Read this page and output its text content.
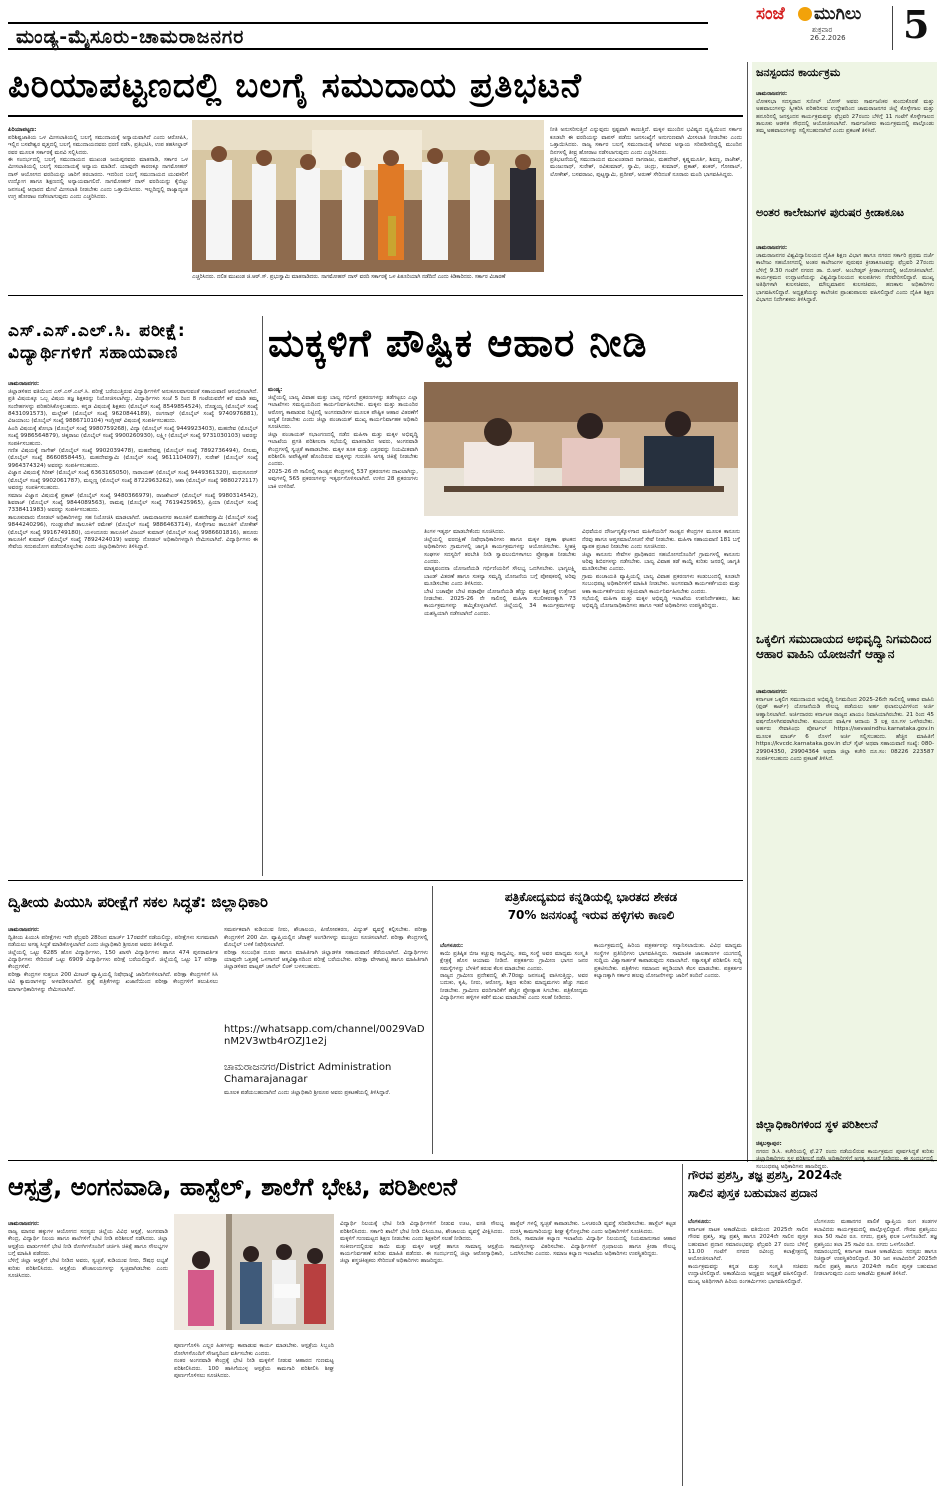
ಮಂಡ್ಯ-ಮೈಸೂರು-ಚಾಮರಾಜನಗರ
ಸಂಜೆ ಮುಗಿಲು
ಶುಕ್ರವಾರ
26.2.2026 5
ಪಿರಿಯಾಪಟ್ಟಣದಲ್ಲಿ ಬಲಗೈ ಸಮುದಾಯ ಪ್ರತಿಭಟನೆ

ಪಿರಿಯಾಪಟ್ಟಣ:
ಪರಿಶಿಷ್ಟಜಾತಿಯ ಒಳ ಮೀಸಲಾತಿಯಲ್ಲಿ ಬಲಗೈ ಸಮುದಾಯಕ್ಕೆ ಅನ್ಯಾಯವಾಗಿದೆ ಎಂದು ಆರೋಪಿಸಿ, ಇಲ್ಲಿನ ಬಸವೇಶ್ವರ ವೃತ್ತದಲ್ಲಿ ಬಲಗೈ ಸಮುದಾಯದವರು ಧರಣಿ ನಡೆಸಿ, ಪ್ರತಿಭಟಿಸಿ, ಉಪ ತಹಸೀಲ್ದಾರ್ ರವರ ಮೂಲಕ ಸರ್ಕಾರಕ್ಕೆ ಮನವಿ ಸಲ್ಲಿಸಿದರು.
ಈ ಸಂದರ್ಭದಲ್ಲಿ ಬಲಗೈ ಸಮುದಾಯದ ಮುಖಂಡ ಜಯಪ್ಪನವರು ಮಾತನಾಡಿ, ಸರ್ಕಾರ ಒಳ ಮೀಸಲಾತಿಯಲ್ಲಿ ಬಲಗೈ ಸಮುದಾಯಕ್ಕೆ ಅನ್ಯಾಯ ಮಾಡಿದೆ. ಯಾವುದೇ ಕಾರಣಕ್ಕೂ ನಾಗಮೋಹನ್ ದಾಸ್ ಆಯೋಗದ ವರದಿಯನ್ನು ಜಾರಿಗೆ ತರಬಾರದು. ಇದರಿಂದ ಬಲಗೈ ಸಮುದಾಯದ ಯುವಕರಿಗೆ ಉದ್ಯೋಗ ಹಾಗೂ ಶಿಕ್ಷಣದಲ್ಲಿ ಅನ್ಯಾಯವಾಗಲಿದೆ. ನಾಗಮೋಹನ್ ದಾಸ್ ವರದಿಯನ್ನು ಕೈಬಿಟ್ಟು ಜನಸಂಖ್ಯೆ ಆಧಾರದ ಮೇಲೆ ಮೀಸಲಾತಿ ನೀಡಬೇಕು ಎಂದು ಒತ್ತಾಯಿಸಿದರು. ಇಲ್ಲದಿದ್ದಲ್ಲಿ ರಾಜ್ಯಾದ್ಯಂತ ಉಗ್ರ ಹೋರಾಟ ನಡೆಸಲಾಗುವುದು ಎಂದು ಎಚ್ಚರಿಸಿದರು.

ಎಚ್ಚರಿಸಿದರು. ದಲಿತ ಮುಖಂಡ ಜಿ.ಆರ್.ಸ್. ಪ್ರಭುಸ್ವಾಮಿ ಮಾತನಾಡಿದರು. ನಾಗಮೋಹನ್ ದಾಸ್ ವರದಿ ಸರ್ಕಾರಕ್ಕೆ ಒಳ ಪಿತೂರಿಯಾಗಿ ನಡೆದಿದೆ ಎಂದು ಕಿಡಿಕಾರಿದರು. ಸರ್ಕಾರ ವಿಚಾರಣೆ

ನೀತಿ ಅನುಸರಿಸುತ್ತಿದೆ ಎನ್ನುವುದು ಸ್ಪಷ್ಟವಾಗಿ ಕಾಣುತ್ತಿದೆ. ಮಕ್ಕಳ ಮುಂದಿನ ಭವಿಷ್ಯದ ದೃಷ್ಟಿಯಿಂದ ಸರ್ಕಾರ ಕೂಡಲೇ ಈ ವರದಿಯನ್ನು ವಾಪಸ್ ಪಡೆದು ಜನಸಂಖ್ಯೆಗೆ ಅನುಗುಣವಾಗಿ ಮೀಸಲಾತಿ ನೀಡಬೇಕು ಎಂದು ಒತ್ತಾಯಿಸಿದರು. ರಾಜ್ಯ ಸರ್ಕಾರ ಬಲಗೈ ಸಮುದಾಯಕ್ಕೆ ಆಗಿರುವ ಅನ್ಯಾಯ ಸರಿಪಡಿಸದಿದ್ದಲ್ಲಿ ಮುಂದಿನ ದಿನಗಳಲ್ಲಿ ತೀವ್ರ ಹೋರಾಟ ನಡೆಸಲಾಗುವುದು ಎಂದು ಎಚ್ಚರಿಸಿದರು.
ಪ್ರತಿಭಟನೆಯಲ್ಲಿ ಸಮುದಾಯದ ಮುಖಂಡರಾದ ನಾಗರಾಜು, ಮಹದೇವ್, ಕೃಷ್ಣಮೂರ್ತಿ, ಶಿವಣ್ಣ, ರಾಜೇಶ್, ಮಂಜುನಾಥ್, ಸುರೇಶ್, ರವಿಕುಮಾರ್, ಸ್ವಾಮಿ, ಚಂದ್ರು, ಕುಮಾರ್, ಪ್ರಕಾಶ್, ಶಂಕರ್, ಗೋಪಾಲ್, ಲೋಕೇಶ್, ಬಸವರಾಜು, ಪುಟ್ಟಸ್ವಾಮಿ, ಪ್ರದೀಪ್, ಅರುಣ್ ಸೇರಿದಂತೆ ನೂರಾರು ಮಂದಿ ಭಾಗವಹಿಸಿದ್ದರು.

ಎಸ್.ಎಸ್.ಎಲ್.ಸಿ. ಪರೀಕ್ಷೆ:
ವಿದ್ಯಾರ್ಥಿಗಳಿಗೆ ಸಹಾಯವಾಣಿ

ಚಾಮರಾಜನಗರ:
ಜಿಲ್ಲಾಡಳಿತದ ವತಿಯಿಂದ ಎಸ್.ಎಸ್.ಎಲ್.ಸಿ. ಪರೀಕ್ಷೆ ಬರೆಯುತ್ತಿರುವ ವಿದ್ಯಾರ್ಥಿಗಳಿಗೆ ಅನುಕೂಲವಾಗುವಂತೆ ಸಹಾಯವಾಣಿ ಆರಂಭಿಸಲಾಗಿದೆ. ಪ್ರತಿ ವಿಷಯಕ್ಕೂ ಒಬ್ಬ ವಿಷಯ ತಜ್ಞ ಶಿಕ್ಷಕರನ್ನು ನಿಯೋಜಿಸಲಾಗಿದ್ದು, ವಿದ್ಯಾರ್ಥಿಗಳು ಸಂಜೆ 5 ರಿಂದ 8 ಗಂಟೆಯವರೆಗೆ ಕರೆ ಮಾಡಿ ತಮ್ಮ ಸಂದೇಹಗಳನ್ನು ಪರಿಹರಿಸಿಕೊಳ್ಳಬಹುದು. ಕನ್ನಡ ವಿಷಯಕ್ಕೆ ಶಿಕ್ಷಕರು (ಮೊಬೈಲ್ ಸಂಖ್ಯೆ 8549854524), ದೊಡ್ಡಯ್ಯ (ಮೊಬೈಲ್ ಸಂಖ್ಯೆ 8431091573), ಮಲ್ಲೇಶ್ (ಮೊಬೈಲ್ ಸಂಖ್ಯೆ 9620844189), ರಂಗನಾಥ್ (ಮೊಬೈಲ್ ಸಂಖ್ಯೆ 9740976881), ವಿಜಯಾಂಬ (ಮೊಬೈಲ್ ಸಂಖ್ಯೆ 9886710104) ಇಂಗ್ಲೀಷ್ ವಿಷಯಕ್ಕೆ ಸಂಪರ್ಕಿಸಬಹುದು.
ಹಿಂದಿ ವಿಷಯಕ್ಕೆ ಶೋಭಾ (ಮೊಬೈಲ್ ಸಂಖ್ಯೆ 9980759268), ವಿದ್ಯಾ (ಮೊಬೈಲ್ ಸಂಖ್ಯೆ 9449923403), ಮಹದೇವ (ಮೊಬೈಲ್ ಸಂಖ್ಯೆ 9986564879), ಚಿಕ್ಕರಾಜು (ಮೊಬೈಲ್ ಸಂಖ್ಯೆ 9900260930), ಲಕ್ಷ್ಮೀ (ಮೊಬೈಲ್ ಸಂಖ್ಯೆ 9731030103) ಅವರನ್ನು ಸಂಪರ್ಕಿಸಬಹುದು.
ಗಣಿತ ವಿಷಯಕ್ಕೆ ನಾಗೇಶ್ (ಮೊಬೈಲ್ ಸಂಖ್ಯೆ 9902039478), ಮಹದೇವಪ್ಪ (ಮೊಬೈಲ್ ಸಂಖ್ಯೆ 7892736494), ಲೀಲಮ್ಮ (ಮೊಬೈಲ್ ಸಂಖ್ಯೆ 8660858445), ಮಹದೇವಸ್ವಾಮಿ (ಮೊಬೈಲ್ ಸಂಖ್ಯೆ 9611104097), ಸುರೇಶ್ (ಮೊಬೈಲ್ ಸಂಖ್ಯೆ 9964374324) ಅವರನ್ನು ಸಂಪರ್ಕಿಸಬಹುದು.
ವಿಜ್ಞಾನ ವಿಷಯಕ್ಕೆ ಗಿರೀಶ್ (ಮೊಬೈಲ್ ಸಂಖ್ಯೆ 6363165050), ನಾರಾಯಣ್ (ಮೊಬೈಲ್ ಸಂಖ್ಯೆ 9449361320), ಮಧುಸೂದನ್ (ಮೊಬೈಲ್ ಸಂಖ್ಯೆ 9902061787), ಮಲ್ಲಣ್ಣ (ಮೊಬೈಲ್ ಸಂಖ್ಯೆ 8722963262), ಆಶಾ (ಮೊಬೈಲ್ ಸಂಖ್ಯೆ 9880272117) ಅವರನ್ನು ಸಂಪರ್ಕಿಸಬಹುದು.
ಸಮಾಜ ವಿಜ್ಞಾನ ವಿಷಯಕ್ಕೆ ಪ್ರಕಾಶ್ (ಮೊಬೈಲ್ ಸಂಖ್ಯೆ 9480366979), ರಾಜಶೇಖರ್ (ಮೊಬೈಲ್ ಸಂಖ್ಯೆ 9980314542), ಶಿವರಾಜ್ (ಮೊಬೈಲ್ ಸಂಖ್ಯೆ 9844089563), ರಾಮಪ್ಪ (ಮೊಬೈಲ್ ಸಂಖ್ಯೆ 7619425965), ಪ್ರಿಯಾ (ಮೊಬೈಲ್ ಸಂಖ್ಯೆ 7338411983) ಅವರನ್ನು ಸಂಪರ್ಕಿಸಬಹುದು.
ತಾಲೂಕುವಾರು ನೋಡಲ್ ಅಧಿಕಾರಿಗಳನ್ನು ಸಹ ನಿಯೋಜಿಸಿ ಮಾಡಲಾಗಿದೆ. ಚಾಮರಾಜನಗರ ತಾಲೂಕಿಗೆ ಮಹದೇವಸ್ವಾಮಿ (ಮೊಬೈಲ್ ಸಂಖ್ಯೆ 9844240296), ಗುಂಡ್ಲುಪೇಟೆ ತಾಲೂಕಿಗೆ ರಮೇಶ್ (ಮೊಬೈಲ್ ಸಂಖ್ಯೆ 9886463714), ಕೊಳ್ಳೇಗಾಲ ತಾಲೂಕಿಗೆ ಲೋಕೇಶ್ (ಮೊಬೈಲ್ ಸಂಖ್ಯೆ 9916749180), ಯಳಂದೂರು ತಾಲೂಕಿಗೆ ವಿಜಯ್ ಕುಮಾರ್ (ಮೊಬೈಲ್ ಸಂಖ್ಯೆ 9986601816), ಹನೂರು ತಾಲೂಕಿಗೆ ಕುಮಾರ್ (ಮೊಬೈಲ್ ಸಂಖ್ಯೆ 7892424019) ಅವರನ್ನು ನೋಡಲ್ ಅಧಿಕಾರಿಗಳನ್ನಾಗಿ ನೇಮಿಸಲಾಗಿದೆ. ವಿದ್ಯಾರ್ಥಿಗಳು ಈ ಸೇವೆಯ ಸದುಪಯೋಗ ಪಡೆದುಕೊಳ್ಳಬೇಕು ಎಂದು ಜಿಲ್ಲಾಧಿಕಾರಿಗಳು ತಿಳಿಸಿದ್ದಾರೆ.

ಮಕ್ಕಳಿಗೆ ಪೌಷ್ಟಿಕ ಆಹಾರ ನೀಡಿ

ಮಂಡ್ಯ:
ಜಿಲ್ಲೆಯಲ್ಲಿ ಬಾಲ್ಯ ವಿವಾಹ ಮತ್ತು ಬಾಲ್ಯ ಗರ್ಭಿಣಿ ಪ್ರಕರಣಗಳನ್ನು ತಡೆಗಟ್ಟಲು ಎಲ್ಲಾ ಇಲಾಖೆಗಳು ಸಮನ್ವಯದಿಂದ ಕಾರ್ಯನಿರ್ವಹಿಸಬೇಕು. ಮಕ್ಕಳು ಮತ್ತು ತಾಯಂದಿರ ಆರೋಗ್ಯ ಕಾಪಾಡುವ ನಿಟ್ಟಿನಲ್ಲಿ ಅಂಗನವಾಡಿಗಳ ಮೂಲಕ ಪೌಷ್ಟಿಕ ಆಹಾರ ವಿತರಣೆಗೆ ಆದ್ಯತೆ ನೀಡಬೇಕು ಎಂದು ಜಿಲ್ಲಾ ಪಂಚಾಯತ್ ಮುಖ್ಯ ಕಾರ್ಯನಿರ್ವಾಹಕ ಅಧಿಕಾರಿ ಸೂಚಿಸಿದರು.
ಜಿಲ್ಲಾ ಪಂಚಾಯತ್ ಸಭಾಂಗಣದಲ್ಲಿ ನಡೆದ ಮಹಿಳಾ ಮತ್ತು ಮಕ್ಕಳ ಅಭಿವೃದ್ಧಿ ಇಲಾಖೆಯ ಪ್ರಗತಿ ಪರಿಶೀಲನಾ ಸಭೆಯಲ್ಲಿ ಮಾತನಾಡಿದ ಅವರು, ಅಂಗನವಾಡಿ ಕೇಂದ್ರಗಳಲ್ಲಿ ಸ್ವಚ್ಛತೆ ಕಾಪಾಡಬೇಕು. ಮಕ್ಕಳ ತೂಕ ಮತ್ತು ಎತ್ತರವನ್ನು ನಿಯಮಿತವಾಗಿ ಪರಿಶೀಲಿಸಿ ಅಪೌಷ್ಟಿಕತೆ ಹೊಂದಿರುವ ಮಕ್ಕಳನ್ನು ಗುರುತಿಸಿ ಅಗತ್ಯ ಚಿಕಿತ್ಸೆ ನೀಡಬೇಕು ಎಂದರು.
2025-26 ನೇ ಸಾಲಿನಲ್ಲಿ ಸಾಂತ್ವನ ಕೇಂದ್ರಗಳಲ್ಲಿ 537 ಪ್ರಕರಣಗಳು ದಾಖಲಾಗಿದ್ದು, ಅವುಗಳಲ್ಲಿ 565 ಪ್ರಕರಣಗಳನ್ನು ಇತ್ಯರ್ಥಗೊಳಿಸಲಾಗಿದೆ. ಉಳಿದ 28 ಪ್ರಕರಣಗಳು ಬಾಕಿ ಉಳಿದಿವೆ.

ತಿಂಗಳ ಇತ್ಯರ್ಥ ಮಾಡಬೇಕೆಂದು ಸೂಚಿಸಿದರು.
ಜಿಲ್ಲೆಯಲ್ಲಿ ವರದಕ್ಷಿಣೆ ನಿಷೇಧಾಧಿಕಾರಿಗಳು ಹಾಗೂ ಮಕ್ಕಳ ರಕ್ಷಣಾ ಘಟಕದ ಅಧಿಕಾರಿಗಳು ಗ್ರಾಮಗಳಲ್ಲಿ ಜಾಗೃತಿ ಕಾರ್ಯಕ್ರಮಗಳನ್ನು ಆಯೋಜಿಸಬೇಕು. ಸ್ತ್ರೀಶಕ್ತಿ ಸಂಘಗಳ ಸದಸ್ಯರಿಗೆ ತರಬೇತಿ ನೀಡಿ ಸ್ವಾವಲಂಬಿಗಳಾಗಲು ಪ್ರೋತ್ಸಾಹ ನೀಡಬೇಕು ಎಂದರು.
ಮಾತೃವಂದನಾ ಯೋಜನೆಯಡಿ ಗರ್ಭಿಣಿಯರಿಗೆ ಸೌಲಭ್ಯ ಒದಗಿಸಬೇಕು. ಭಾಗ್ಯಲಕ್ಷ್ಮಿ ಬಾಂಡ್ ವಿತರಣೆ ಹಾಗೂ ಸುಕನ್ಯಾ ಸಮೃದ್ಧಿ ಯೋಜನೆಯ ಬಗ್ಗೆ ಪೋಷಕರಲ್ಲಿ ಅರಿವು ಮೂಡಿಸಬೇಕು ಎಂದು ತಿಳಿಸಿದರು.
ಬೇಟಿ ಬಚಾವೋ ಬೇಟಿ ಪಢಾವೋ ಯೋಜನೆಯಡಿ ಹೆಣ್ಣು ಮಕ್ಕಳ ಶಿಕ್ಷಣಕ್ಕೆ ಉತ್ತೇಜನ ನೀಡಬೇಕು. 2025-26 ನೇ ಸಾಲಿನಲ್ಲಿ ಮಹಿಳಾ ಸಬಲೀಕರಣಕ್ಕಾಗಿ 73 ಕಾರ್ಯಕ್ರಮಗಳನ್ನು ಹಮ್ಮಿಕೊಳ್ಳಲಾಗಿದೆ. ಜಿಲ್ಲೆಯಲ್ಲಿ 34 ಕಾರ್ಯಕ್ರಮಗಳನ್ನು ಯಶಸ್ವಿಯಾಗಿ ನಡೆಸಲಾಗಿದೆ ಎಂದರು.

ವಿಧವೆಯರ ದೌರ್ಜನ್ಯಕ್ಕೊಳಗಾದ ಮಹಿಳೆಯರಿಗೆ ಸಾಂತ್ವನ ಕೇಂದ್ರಗಳ ಮೂಲಕ ಕಾನೂನು ನೆರವು ಹಾಗೂ ಆಪ್ತಸಮಾಲೋಚನೆ ಸೇವೆ ನೀಡಬೇಕು. ಮಹಿಳಾ ಸಹಾಯವಾಣಿ 181 ಬಗ್ಗೆ ವ್ಯಾಪಕ ಪ್ರಚಾರ ನೀಡಬೇಕು ಎಂದು ಸೂಚಿಸಿದರು.
ಜಿಲ್ಲಾ ಕಾನೂನು ಸೇವೆಗಳ ಪ್ರಾಧಿಕಾರದ ಸಹಯೋಗದೊಂದಿಗೆ ಗ್ರಾಮಗಳಲ್ಲಿ ಕಾನೂನು ಅರಿವು ಶಿಬಿರಗಳನ್ನು ನಡೆಸಬೇಕು. ಬಾಲ್ಯ ವಿವಾಹ ತಡೆ ಕಾಯ್ದೆ ಕುರಿತು ಜನರಲ್ಲಿ ಜಾಗೃತಿ ಮೂಡಿಸಬೇಕು ಎಂದರು.
ಗ್ರಾಮ ಪಂಚಾಯತಿ ವ್ಯಾಪ್ತಿಯಲ್ಲಿ ಬಾಲ್ಯ ವಿವಾಹ ಪ್ರಕರಣಗಳು ಕಂಡುಬಂದಲ್ಲಿ ಕೂಡಲೇ ಸಂಬಂಧಪಟ್ಟ ಅಧಿಕಾರಿಗಳಿಗೆ ಮಾಹಿತಿ ನೀಡಬೇಕು. ಅಂಗನವಾಡಿ ಕಾರ್ಯಕರ್ತೆಯರು ಮತ್ತು ಆಶಾ ಕಾರ್ಯಕರ್ತೆಯರು ಸಕ್ರಿಯವಾಗಿ ಕಾರ್ಯನಿರ್ವಹಿಸಬೇಕು ಎಂದರು.
ಸಭೆಯಲ್ಲಿ ಮಹಿಳಾ ಮತ್ತು ಮಕ್ಕಳ ಅಭಿವೃದ್ಧಿ ಇಲಾಖೆಯ ಉಪನಿರ್ದೇಶಕರು, ಶಿಶು ಅಭಿವೃದ್ಧಿ ಯೋಜನಾಧಿಕಾರಿಗಳು ಹಾಗೂ ಇತರೆ ಅಧಿಕಾರಿಗಳು ಉಪಸ್ಥಿತರಿದ್ದರು.

ಜನಸ್ಪಂದನ ಕಾರ್ಯಕ್ರಮ

ಚಾಮರಾಜನಗರ:
ಲೋಕಸಭಾ ಸದಸ್ಯರಾದ ಸುನೀಲ್ ಬೋಸ್ ಅವರು ಸಾರ್ವಜನಿಕರ ಕುಂದುಕೊರತೆ ಮತ್ತು ಅಹವಾಲುಗಳನ್ನು ಸ್ವೀಕರಿಸಿ ಪರಿಹರಿಸುವ ಉದ್ದೇಶದಿಂದ ಚಾಮರಾಜನಗರ ಜಿಲ್ಲೆ ಕೊಳ್ಳೇಗಾಲ ಮತ್ತು ಹನೂರಿನಲ್ಲಿ ಜನಸ್ಪಂದನ ಕಾರ್ಯಕ್ರಮವನ್ನು ಫೆಬ್ರವರಿ 27ರಂದು ಬೆಳಿಗ್ಗೆ 11 ಗಂಟೆಗೆ ಕೊಳ್ಳೇಗಾಲದ ತಾಲೂಕು ಆಡಳಿತ ಸೌಧದಲ್ಲಿ ಆಯೋಜಿಸಲಾಗಿದೆ. ಸಾರ್ವಜನಿಕರು ಕಾರ್ಯಕ್ರಮದಲ್ಲಿ ಪಾಲ್ಗೊಂಡು ತಮ್ಮ ಅಹವಾಲುಗಳನ್ನು ಸಲ್ಲಿಸಬಹುದಾಗಿದೆ ಎಂದು ಪ್ರಕಟಣೆ ತಿಳಿಸಿದೆ.

ಅಂತರ ಕಾಲೇಜುಗಳ ಪುರುಷರ ಕ್ರೀಡಾಕೂಟ

ಚಾಮರಾಜನಗರ:
ಚಾಮರಾಜನಗರ ವಿಶ್ವವಿದ್ಯಾನಿಲಯದ ದೈಹಿಕ ಶಿಕ್ಷಣ ವಿಭಾಗ ಹಾಗೂ ನಗರದ ಸರ್ಕಾರಿ ಪ್ರಥಮ ದರ್ಜೆ ಕಾಲೇಜು ಸಹಯೋಗದಲ್ಲಿ ಅಂತರ ಕಾಲೇಜುಗಳ ಪುರುಷರ ಕ್ರೀಡಾಕೂಟವನ್ನು ಫೆಬ್ರವರಿ 27ರಂದು ಬೆಳಿಗ್ಗೆ 9.30 ಗಂಟೆಗೆ ನಗರದ ಡಾ. ಬಿ.ಆರ್. ಅಂಬೇಡ್ಕರ್ ಕ್ರೀಡಾಂಗಣದಲ್ಲಿ ಆಯೋಜಿಸಲಾಗಿದೆ. ಕಾರ್ಯಕ್ರಮದ ಉದ್ಘಾಟನೆಯನ್ನು ವಿಶ್ವವಿದ್ಯಾನಿಲಯದ ಕುಲಪತಿಗಳು ನೆರವೇರಿಸಲಿದ್ದಾರೆ. ಮುಖ್ಯ ಅತಿಥಿಗಳಾಗಿ ಕುಲಸಚಿವರು, ಮೌಲ್ಯಮಾಪನ ಕುಲಸಚಿವರು, ಹಣಕಾಸು ಅಧಿಕಾರಿಗಳು ಭಾಗವಹಿಸಲಿದ್ದಾರೆ. ಅಧ್ಯಕ್ಷತೆಯನ್ನು ಕಾಲೇಜಿನ ಪ್ರಾಂಶುಪಾಲರು ವಹಿಸಲಿದ್ದಾರೆ ಎಂದು ದೈಹಿಕ ಶಿಕ್ಷಣ ವಿಭಾಗದ ನಿರ್ದೇಶಕರು ತಿಳಿಸಿದ್ದಾರೆ.

ಒಕ್ಕಲಿಗ ಸಮುದಾಯದ ಅಭಿವೃದ್ಧಿ ನಿಗಮದಿಂದ ಆಹಾರ ವಾಹಿನಿ ಯೋಜನೆಗೆ ಆಹ್ವಾನ

ಚಾಮರಾಜನಗರ:
ಕರ್ನಾಟಕ ಒಕ್ಕಲಿಗ ಸಮುದಾಯದ ಅಭಿವೃದ್ಧಿ ನಿಗಮದಿಂದ 2025-26ನೇ ಸಾಲಿನಲ್ಲಿ ಆಹಾರ ವಾಹಿನಿ (ಫುಡ್ ಕಾರ್ಟ್) ಯೋಜನೆಯಡಿ ಸೌಲಭ್ಯ ಪಡೆಯಲು ಅರ್ಹ ಫಲಾನುಭವಿಗಳಿಂದ ಅರ್ಜಿ ಆಹ್ವಾನಿಸಲಾಗಿದೆ. ಅರ್ಜಿದಾರರು ಕರ್ನಾಟಕ ರಾಜ್ಯದ ಖಾಯಂ ನಿವಾಸಿಯಾಗಿರಬೇಕು. 21 ರಿಂದ 45 ವರ್ಷದೊಳಗಿನವರಾಗಿರಬೇಕು. ಕುಟುಂಬದ ವಾರ್ಷಿಕ ಆದಾಯ 3 ಲಕ್ಷ ರೂ.ಗಳ ಒಳಗಿರಬೇಕು. ಅರ್ಹರು ಸೇವಾಸಿಂಧು ಪೋರ್ಟಲ್ https://sevasindhu.karnataka.gov.in ಮೂಲಕ ಮಾರ್ಚ್ 6 ರೊಳಗೆ ಅರ್ಜಿ ಸಲ್ಲಿಸಬಹುದು. ಹೆಚ್ಚಿನ ಮಾಹಿತಿಗೆ https://kvcdc.karnataka.gov.in ವೆಬ್ ಸೈಟ್ ಅಥವಾ ಸಹಾಯವಾಣಿ ಸಂಖ್ಯೆ: 080-29904350, 29904364 ಅಥವಾ ಜಿಲ್ಲಾ ಕಚೇರಿ ದೂ.ಸಂ: 08226 223587 ಸಂಪರ್ಕಿಸಬಹುದು ಎಂದು ಪ್ರಕಟಣೆ ತಿಳಿಸಿದೆ.

ಜಿಲ್ಲಾಧಿಕಾರಿಗಳಿಂದ ಸ್ಥಳ ಪರಿಶೀಲನೆ

ಚಿಕ್ಕಬಳ್ಳಾಪುರ:
ನಗರದ ಡಿ.ಸಿ. ಕಚೇರಿಯಲ್ಲಿ ಫೆ.27 ರಂದು ನಡೆಯಲಿರುವ ಕಾರ್ಯಕ್ರಮದ ಪೂರ್ವಸಿದ್ಧತೆ ಕುರಿತು ಸಂಬಂಧಪಟ್ಟ ಅಧಿಕಾರಿಗಳು ಹಾಜರಿದ್ದರು.

ದ್ವಿತೀಯ ಪಿಯುಸಿ ಪರೀಕ್ಷೆಗೆ ಸಕಲ ಸಿದ್ಧತೆ: ಜಿಲ್ಲಾಧಿಕಾರಿ

ಚಾಮರಾಜನಗರ:
ದ್ವಿತೀಯ ಪಿಯುಸಿ ಪರೀಕ್ಷೆಗಳು ಇದೇ ಫೆಬ್ರವರಿ 28ರಿಂದ ಮಾರ್ಚ್ 17ರವರೆಗೆ ನಡೆಯಲಿದ್ದು, ಪರೀಕ್ಷೆಗಳು ಸುಗಮವಾಗಿ ನಡೆಯಲು ಅಗತ್ಯ ಸಿದ್ಧತೆ ಮಾಡಿಕೊಳ್ಳಲಾಗಿದೆ ಎಂದು ಜಿಲ್ಲಾಧಿಕಾರಿ ಶ್ರೀರೂಪ ಅವರು ತಿಳಿಸಿದ್ದಾರೆ.
ಜಿಲ್ಲೆಯಲ್ಲಿ ಒಟ್ಟು 6285 ಹೊಸ ವಿದ್ಯಾರ್ಥಿಗಳು, 150 ಖಾಸಗಿ ವಿದ್ಯಾರ್ಥಿಗಳು ಹಾಗೂ 474 ಪುನರಾವರ್ತಿತ ವಿದ್ಯಾರ್ಥಿಗಳು ಸೇರಿದಂತೆ ಒಟ್ಟು 6909 ವಿದ್ಯಾರ್ಥಿಗಳು ಪರೀಕ್ಷೆ ಬರೆಯಲಿದ್ದಾರೆ. ಜಿಲ್ಲೆಯಲ್ಲಿ ಒಟ್ಟು 17 ಪರೀಕ್ಷಾ ಕೇಂದ್ರಗಳಿವೆ.
ಪರೀಕ್ಷಾ ಕೇಂದ್ರಗಳ ಸುತ್ತಲೂ 200 ಮೀಟರ್ ವ್ಯಾಪ್ತಿಯಲ್ಲಿ ನಿಷೇಧಾಜ್ಞೆ ಜಾರಿಗೊಳಿಸಲಾಗಿದೆ. ಪರೀಕ್ಷಾ ಕೇಂದ್ರಗಳಿಗೆ ಸಿಸಿ ಟಿವಿ ಕ್ಯಾಮರಾಗಳನ್ನು ಅಳವಡಿಸಲಾಗಿದೆ. ಪ್ರಶ್ನೆ ಪತ್ರಿಕೆಗಳನ್ನು ಖಜಾನೆಯಿಂದ ಪರೀಕ್ಷಾ ಕೇಂದ್ರಗಳಿಗೆ ತಲುಪಿಸಲು ಮಾರ್ಗಾಧಿಕಾರಿಗಳನ್ನು ನೇಮಿಸಲಾಗಿದೆ.

ಸಮರ್ಪಕವಾಗಿ ಕುಡಿಯುವ ನೀರು, ಶೌಚಾಲಯ, ಪೀಠೋಪಕರಣ, ವಿದ್ಯುತ್ ವ್ಯವಸ್ಥೆ ಕಲ್ಪಿಸಬೇಕು. ಪರೀಕ್ಷಾ ಕೇಂದ್ರಗಳಿಗೆ 200 ಮೀ. ವ್ಯಾಪ್ತಿಯಲ್ಲಿನ ಜೆರಾಕ್ಸ್ ಅಂಗಡಿಗಳನ್ನು ಮುಚ್ಚಲು ಸೂಚಿಸಲಾಗಿದೆ. ಪರೀಕ್ಷಾ ಕೇಂದ್ರಗಳಲ್ಲಿ ಮೊಬೈಲ್ ಬಳಕೆ ನಿಷೇಧಿಸಲಾಗಿದೆ.
ಪರೀಕ್ಷಾ ಸಂಬಂಧಿತ ದೂರು ಹಾಗೂ ಮಾಹಿತಿಗಾಗಿ ಜಿಲ್ಲಾಡಳಿತ ಸಹಾಯವಾಣಿ ತೆರೆಯಲಾಗಿದೆ. ವಿದ್ಯಾರ್ಥಿಗಳು ಯಾವುದೇ ಒತ್ತಡಕ್ಕೆ ಒಳಗಾಗದೆ ಆತ್ಮವಿಶ್ವಾಸದಿಂದ ಪರೀಕ್ಷೆ ಬರೆಯಬೇಕು. ಪರೀಕ್ಷಾ ವೇಳಾಪಟ್ಟಿ ಹಾಗೂ ಮಾಹಿತಿಗಾಗಿ ಜಿಲ್ಲಾಡಳಿತದ ವಾಟ್ಸಪ್ ಚಾನೆಲ್ ಲಿಂಕ್ ಬಳಸಬಹುದು.

https://whatsapp.com/channel/0029VaDnM2V3wtb4rOZJ1e2j
ಚಾಮರಾಜನಗರ/District Administration Chamarajanagar
ಮೂಲಕ ಪಡೆಯಬಹುದಾಗಿದೆ ಎಂದು ಜಿಲ್ಲಾಧಿಕಾರಿ ಶ್ರೀರೂಪ ಅವರು ಪ್ರಕಟಣೆಯಲ್ಲಿ ತಿಳಿಸಿದ್ದಾರೆ.
ಪತ್ರಿಕೋದ್ಯಮದ ಕನ್ನಡಿಯಲ್ಲಿ ಭಾರತದ ಶೇಕಡ
70% ಜನಸಂಖ್ಯೆ ಇರುವ ಹಳ್ಳಿಗಳು ಕಾಣಲಿ

ಬೆಂಗಳೂರು:
ಕಾಯಿ ಪ್ರತಿಷ್ಠಿತ ಬೀಜ ಕಚ್ಚುವು ಸಾಧ್ಯವಿಲ್ಲ. ತಮ್ಮ ಸಂಸ್ಥೆ ಅವರ ಮಾಧ್ಯಮ ಸಂಸ್ಕೃತಿ ಕ್ಷೇತ್ರಕ್ಕೆ ಹೊಸ ಆಯಾಮ ನೀಡಿದೆ. ಪತ್ರಕರ್ತರು ಗ್ರಾಮೀಣ ಭಾಗದ ಜನರ ಸಮಸ್ಯೆಗಳನ್ನು ಬೆಳಕಿಗೆ ತರುವ ಕೆಲಸ ಮಾಡಬೇಕು ಎಂದರು.
ರಾಜ್ಯದ ಗ್ರಾಮೀಣ ಪ್ರದೇಶದಲ್ಲಿ ಶೇ.70ರಷ್ಟು ಜನಸಂಖ್ಯೆ ವಾಸಿಸುತ್ತಿದ್ದು, ಅವರ ಬದುಕು, ಕೃಷಿ, ನೀರು, ಆರೋಗ್ಯ, ಶಿಕ್ಷಣ ಕುರಿತು ಮಾಧ್ಯಮಗಳು ಹೆಚ್ಚು ಗಮನ ನೀಡಬೇಕು. ಗ್ರಾಮೀಣ ವರದಿಗಾರಿಕೆಗೆ ಹೆಚ್ಚಿನ ಪ್ರೋತ್ಸಾಹ ಸಿಗಬೇಕು. ಪತ್ರಿಕೋದ್ಯಮ ವಿದ್ಯಾರ್ಥಿಗಳು ಹಳ್ಳಿಗಳ ಕಡೆಗೆ ಮುಖ ಮಾಡಬೇಕು ಎಂದು ಸಲಹೆ ನೀಡಿದರು.

ಕಾರ್ಯಕ್ರಮದಲ್ಲಿ ಹಿರಿಯ ಪತ್ರಕರ್ತರನ್ನು ಸನ್ಮಾನಿಸಲಾಯಿತು. ವಿವಿಧ ಮಾಧ್ಯಮ ಸಂಸ್ಥೆಗಳ ಪ್ರತಿನಿಧಿಗಳು ಭಾಗವಹಿಸಿದ್ದರು. ಸಾಮಾಜಿಕ ಜಾಲತಾಣಗಳ ಯುಗದಲ್ಲಿ ಸುದ್ದಿಯ ವಿಶ್ವಾಸಾರ್ಹತೆ ಕಾಪಾಡುವುದು ಸವಾಲಾಗಿದೆ. ಸತ್ಯಾಸತ್ಯತೆ ಪರಿಶೀಲಿಸಿ ಸುದ್ದಿ ಪ್ರಕಟಿಸಬೇಕು. ಪತ್ರಿಕೆಗಳು ಸಮಾಜದ ಕನ್ನಡಿಯಾಗಿ ಕೆಲಸ ಮಾಡಬೇಕು. ಪತ್ರಕರ್ತರ ಕಲ್ಯಾಣಕ್ಕಾಗಿ ಸರ್ಕಾರ ಹಲವು ಯೋಜನೆಗಳನ್ನು ಜಾರಿಗೆ ತಂದಿದೆ ಎಂದರು.

ಆಸ್ಪತ್ರೆ, ಅಂಗನವಾಡಿ, ಹಾಸ್ಟೆಲ್, ಶಾಲೆಗೆ ಭೇಟಿ, ಪರಿಶೀಲನೆ

ಚಾಮರಾಜನಗರ:
ರಾಜ್ಯ ಮಾನವ ಹಕ್ಕುಗಳ ಆಯೋಗದ ಸದಸ್ಯರು ಜಿಲ್ಲೆಯ ವಿವಿಧ ಆಸ್ಪತ್ರೆ, ಅಂಗನವಾಡಿ ಕೇಂದ್ರ, ವಿದ್ಯಾರ್ಥಿ ನಿಲಯ ಹಾಗೂ ಶಾಲೆಗಳಿಗೆ ಭೇಟಿ ನೀಡಿ ಪರಿಶೀಲನೆ ನಡೆಸಿದರು. ಜಿಲ್ಲಾ ಆಸ್ಪತ್ರೆಯ ವಾರ್ಡುಗಳಿಗೆ ಭೇಟಿ ನೀಡಿ ರೋಗಿಗಳೊಂದಿಗೆ ಚರ್ಚಿಸಿ ಚಿಕಿತ್ಸೆ ಹಾಗೂ ಸೌಲಭ್ಯಗಳ ಬಗ್ಗೆ ಮಾಹಿತಿ ಪಡೆದರು.
ಬೆಳಿಗ್ಗೆ ಜಿಲ್ಲಾ ಆಸ್ಪತ್ರೆಗೆ ಭೇಟಿ ನೀಡಿದ ಅವರು, ಸ್ವಚ್ಛತೆ, ಕುಡಿಯುವ ನೀರು, ಔಷಧ ಲಭ್ಯತೆ ಕುರಿತು ಪರಿಶೀಲಿಸಿದರು. ಆಸ್ಪತ್ರೆಯ ಶೌಚಾಲಯಗಳನ್ನು ಸ್ವಚ್ಛವಾಗಿಡಬೇಕು ಎಂದು ಸೂಚಿಸಿದರು.

ಪೂರ್ಣಗೊಳಿಸಿ ಎಲ್ಲರ ಹಿತಗಳನ್ನು ಕಾಪಾಡುವ ಕಾರ್ಯ ಮಾಡಬೇಕು. ಆಸ್ಪತ್ರೆಯ ಸಿಬ್ಬಂದಿ ರೋಗಿಗಳೊಂದಿಗೆ ಸೌಜನ್ಯದಿಂದ ವರ್ತಿಸಬೇಕು ಎಂದರು.
ನಂತರ ಅಂಗನವಾಡಿ ಕೇಂದ್ರಕ್ಕೆ ಭೇಟಿ ನೀಡಿ ಮಕ್ಕಳಿಗೆ ನೀಡುವ ಆಹಾರದ ಗುಣಮಟ್ಟ ಪರಿಶೀಲಿಸಿದರು. 100 ಹಾಸಿಗೆಯುಳ್ಳ ಆಸ್ಪತ್ರೆಯ ಕಾಮಗಾರಿ ಪರಿಶೀಲಿಸಿ ಶೀಘ್ರ ಪೂರ್ಣಗೊಳಿಸಲು ಸೂಚಿಸಿದರು.

ವಿದ್ಯಾರ್ಥಿ ನಿಲಯಕ್ಕೆ ಭೇಟಿ ನೀಡಿ ವಿದ್ಯಾರ್ಥಿಗಳಿಗೆ ನೀಡುವ ಊಟ, ವಸತಿ ಸೌಲಭ್ಯ ಪರಿಶೀಲಿಸಿದರು. ಸರ್ಕಾರಿ ಶಾಲೆಗೆ ಭೇಟಿ ನೀಡಿ ಬಿಸಿಯೂಟ, ಶೌಚಾಲಯ ವ್ಯವಸ್ಥೆ ವೀಕ್ಷಿಸಿದರು. ಮಕ್ಕಳಿಗೆ ಗುಣಮಟ್ಟದ ಶಿಕ್ಷಣ ನೀಡಬೇಕು ಎಂದು ಶಿಕ್ಷಕರಿಗೆ ಸಲಹೆ ನೀಡಿದರು.
ಸಂಕೀರ್ಣದಲ್ಲಿರುವ ತಾಯಿ ಮತ್ತು ಮಕ್ಕಳ ಆಸ್ಪತ್ರೆ ಹಾಗೂ ಸಾಮಾನ್ಯ ಆಸ್ಪತ್ರೆಯ ಕಾರ್ಯನಿರ್ವಹಣೆ ಕುರಿತು ಮಾಹಿತಿ ಪಡೆದರು. ಈ ಸಂದರ್ಭದಲ್ಲಿ ಜಿಲ್ಲಾ ಆರೋಗ್ಯಾಧಿಕಾರಿ, ಜಿಲ್ಲಾ ಶಸ್ತ್ರಚಿಕಿತ್ಸಕರು ಸೇರಿದಂತೆ ಅಧಿಕಾರಿಗಳು ಹಾಜರಿದ್ದರು.

ಹಾಸ್ಟೆಲ್ ಗಳಲ್ಲಿ ಸ್ವಚ್ಛತೆ ಕಾಪಾಡಬೇಕು. ಒಳಚರಂಡಿ ವ್ಯವಸ್ಥೆ ಸರಿಪಡಿಸಬೇಕು. ಹಾಸ್ಟೆಲ್ ಕಟ್ಟಡ ದುರಸ್ತಿ ಕಾಮಗಾರಿಯನ್ನು ಶೀಘ್ರ ಕೈಗೊಳ್ಳಬೇಕು ಎಂದು ಅಧಿಕಾರಿಗಳಿಗೆ ಸೂಚಿಸಿದರು.
ದಿನಸಿ, ಸಾಮಾಜಿಕ ಕಲ್ಯಾಣ ಇಲಾಖೆಯ ವಿದ್ಯಾರ್ಥಿ ನಿಲಯದಲ್ಲಿ ನಿಯಮಾನುಸಾರ ಆಹಾರ ಸಾಮಗ್ರಿಗಳನ್ನು ವಿತರಿಸಬೇಕು. ವಿದ್ಯಾರ್ಥಿಗಳಿಗೆ ಗ್ರಂಥಾಲಯ ಹಾಗೂ ಕ್ರೀಡಾ ಸೌಲಭ್ಯ ಒದಗಿಸಬೇಕು ಎಂದರು. ಸಮಾಜ ಕಲ್ಯಾಣ ಇಲಾಖೆಯ ಅಧಿಕಾರಿಗಳು ಉಪಸ್ಥಿತರಿದ್ದರು.

ಗೌರವ ಪ್ರಶಸ್ತಿ, ತಜ್ಞ ಪ್ರಶಸ್ತಿ, 2024ನೇ
ಸಾಲಿನ ಪುಸ್ತಕ ಬಹುಮಾನ ಪ್ರದಾನ

ಬೆಂಗಳೂರು:
ಕರ್ನಾಟಕ ನಾಟಕ ಅಕಾಡೆಮಿಯ ವತಿಯಿಂದ 2025ನೇ ಸಾಲಿನ ಗೌರವ ಪ್ರಶಸ್ತಿ, ತಜ್ಞ ಪ್ರಶಸ್ತಿ ಹಾಗೂ 2024ನೇ ಸಾಲಿನ ಪುಸ್ತಕ ಬಹುಮಾನ ಪ್ರದಾನ ಸಮಾರಂಭವನ್ನು ಫೆಬ್ರವರಿ 27 ರಂದು ಬೆಳಿಗ್ಗೆ 11.00 ಗಂಟೆಗೆ ನಗರದ ರವೀಂದ್ರ ಕಲಾಕ್ಷೇತ್ರದಲ್ಲಿ ಆಯೋಜಿಸಲಾಗಿದೆ.
ಕಾರ್ಯಕ್ರಮವನ್ನು ಕನ್ನಡ ಮತ್ತು ಸಂಸ್ಕೃತಿ ಸಚಿವರು ಉದ್ಘಾಟಿಸಲಿದ್ದಾರೆ. ಅಕಾಡೆಮಿಯ ಅಧ್ಯಕ್ಷರು ಅಧ್ಯಕ್ಷತೆ ವಹಿಸಲಿದ್ದಾರೆ. ಮುಖ್ಯ ಅತಿಥಿಗಳಾಗಿ ಹಿರಿಯ ರಂಗಕರ್ಮಿಗಳು ಭಾಗವಹಿಸಲಿದ್ದಾರೆ.

ಬೆಂಗಳೂರು ಮಹಾನಗರ ಪಾಲಿಕೆ ವ್ಯಾಪ್ತಿಯ ರಂಗ ತಂಡಗಳ ಕಲಾವಿದರು ಕಾರ್ಯಕ್ರಮದಲ್ಲಿ ಪಾಲ್ಗೊಳ್ಳಲಿದ್ದಾರೆ. ಗೌರವ ಪ್ರಶಸ್ತಿಯು ತಲಾ 50 ಸಾವಿರ ರೂ. ನಗದು, ಪ್ರಶಸ್ತಿ ಫಲಕ ಒಳಗೊಂಡಿದೆ. ತಜ್ಞ ಪ್ರಶಸ್ತಿಯು ತಲಾ 25 ಸಾವಿರ ರೂ. ನಗದು ಒಳಗೊಂಡಿದೆ.
ಸಮಾರಂಭದಲ್ಲಿ ಕರ್ನಾಟಕ ನಾಟಕ ಅಕಾಡೆಮಿಯ ಸದಸ್ಯರು ಹಾಗೂ ರಿಜಿಸ್ಟ್ರಾರ್ ಉಪಸ್ಥಿತರಿರಲಿದ್ದಾರೆ. 30 ಜನ ಕಲಾವಿದರಿಗೆ 2025ನೇ ಸಾಲಿನ ಪ್ರಶಸ್ತಿ ಹಾಗೂ 2024ನೇ ಸಾಲಿನ ಪುಸ್ತಕ ಬಹುಮಾನ ನೀಡಲಾಗುವುದು ಎಂದು ಅಕಾಡೆಮಿ ಪ್ರಕಟಣೆ ತಿಳಿಸಿದೆ.
